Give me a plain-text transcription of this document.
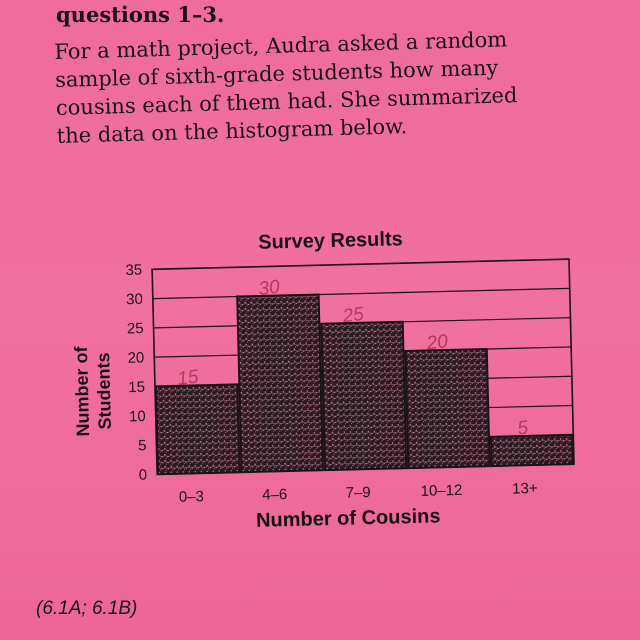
questions 1–3.

For a math project, Audra asked a random
sample of sixth-grade students how many
cousins each of them had. She summarized
the data on the histogram below.

Survey Results
0
5
10
15
20
25
30
35
0–3	4–6	7–9	10–12	13+
15
30
25
20
5
Number of Cousins
Number of Students

(6.1A; 6.1B)
